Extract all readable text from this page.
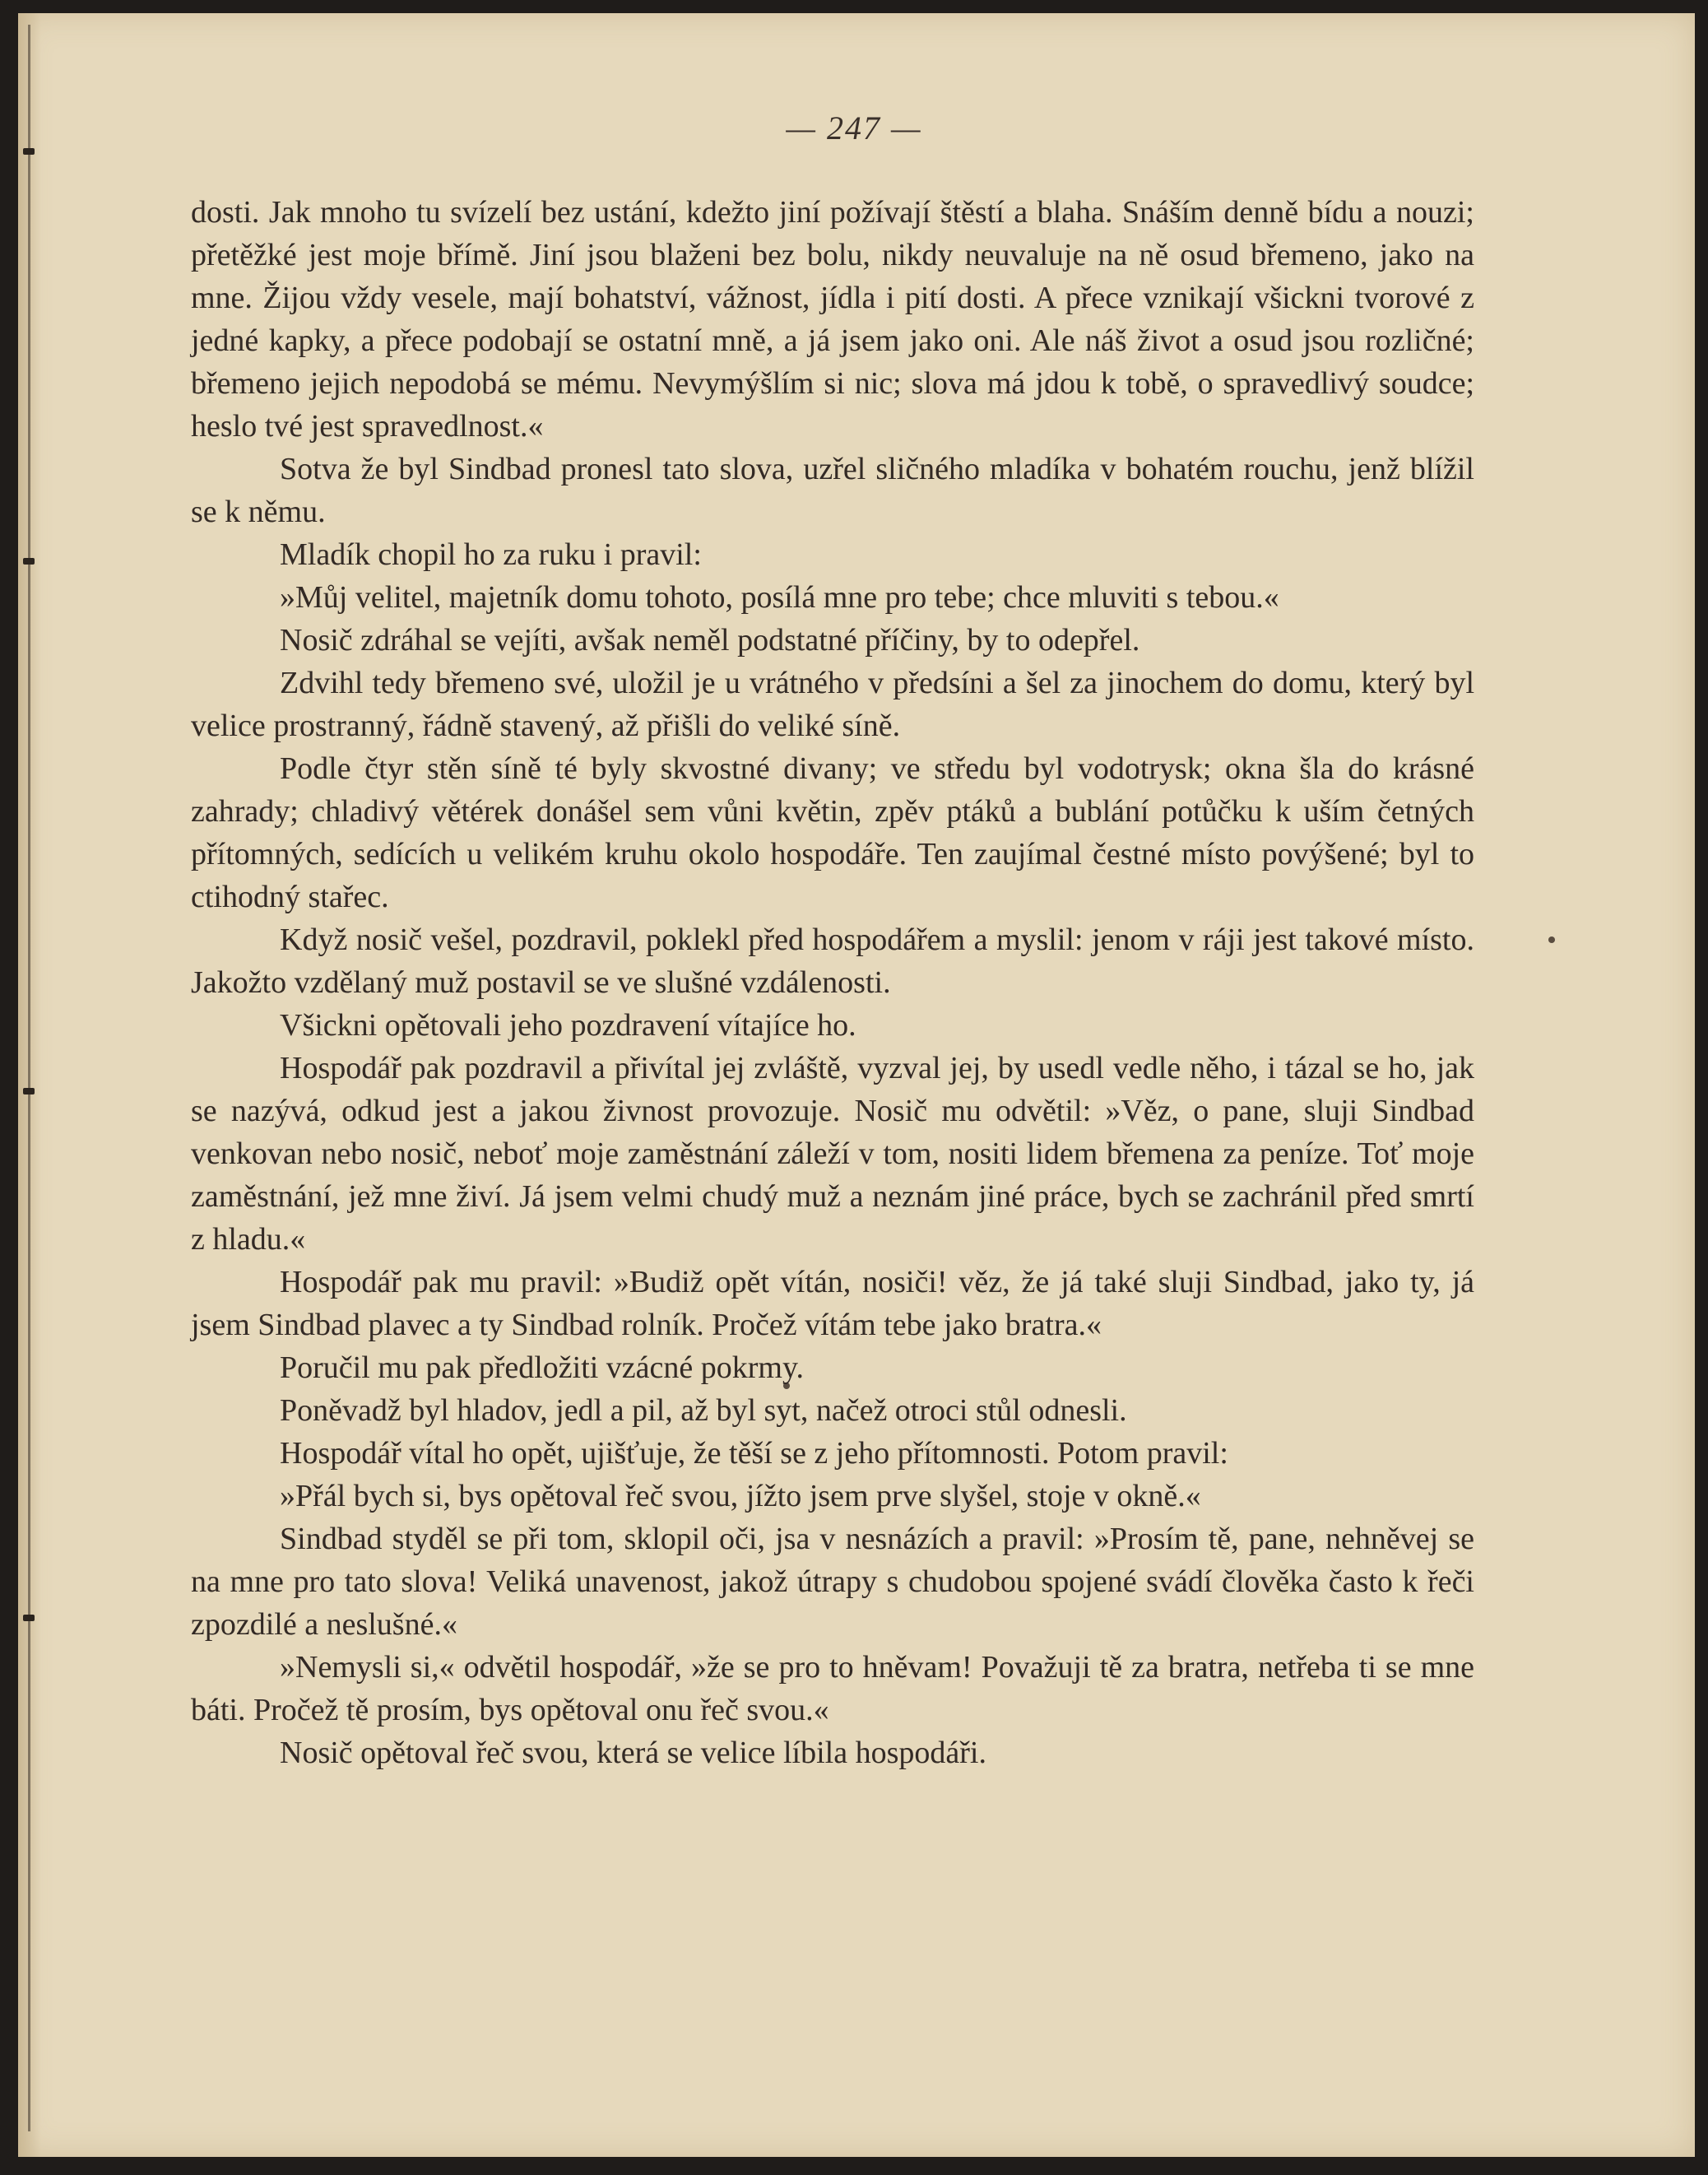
— 247 —

dosti. Jak mnoho tu svízelí bez ustání, kdežto jiní požívají štěstí a blaha. Snáším denně bídu a nouzi; přetěžké jest moje břímě. Jiní jsou blaženi bez bolu, nikdy neuvaluje na ně osud břemeno, jako na mne. Žijou vždy vesele, mají bohatství, vážnost, jídla i pití dosti. A přece vznikají všickni tvorové z jedné kapky, a přece podobají se ostatní mně, a já jsem jako oni. Ale náš život a osud jsou rozličné; břemeno jejich nepodobá se mému. Nevymýšlím si nic; slova má jdou k tobě, o spravedlivý soudce; heslo tvé jest spravedlnost.«

Sotva že byl Sindbad pronesl tato slova, uzřel sličného mladíka v bohatém rouchu, jenž blížil se k němu.

Mladík chopil ho za ruku i pravil:

»Můj velitel, majetník domu tohoto, posílá mne pro tebe; chce mluviti s tebou.«

Nosič zdráhal se vejíti, avšak neměl podstatné příčiny, by to odepřel.

Zdvihl tedy břemeno své, uložil je u vrátného v předsíni a šel za jinochem do domu, který byl velice prostranný, řádně stavený, až přišli do veliké síně.

Podle čtyr stěn síně té byly skvostné divany; ve středu byl vodotrysk; okna šla do krásné zahrady; chladivý větérek donášel sem vůni květin, zpěv ptáků a bublání potůčku k uším četných přítomných, sedících u velikém kruhu okolo hospodáře. Ten zaujímal čestné místo povýšené; byl to ctihodný stařec.

Když nosič vešel, pozdravil, poklekl před hospodářem a myslil: jenom v ráji jest takové místo. Jakožto vzdělaný muž postavil se ve slušné vzdálenosti.

Všickni opětovali jeho pozdravení vítajíce ho.

Hospodář pak pozdravil a přivítal jej zvláště, vyzval jej, by usedl vedle něho, i tázal se ho, jak se nazývá, odkud jest a jakou živnost provozuje. Nosič mu odvětil: »Věz, o pane, sluji Sindbad venkovan nebo nosič, neboť moje zaměstnání záleží v tom, nositi lidem břemena za peníze. Toť moje zaměstnání, jež mne živí. Já jsem velmi chudý muž a neznám jiné práce, bych se zachránil před smrtí z hladu.«

Hospodář pak mu pravil: »Budiž opět vítán, nosiči! věz, že já také sluji Sindbad, jako ty, já jsem Sindbad plavec a ty Sindbad rolník. Pročež vítám tebe jako bratra.«

Poručil mu pak předložiti vzácné pokrmy.

Poněvadž byl hladov, jedl a pil, až byl syt, načež otroci stůl odnesli.

Hospodář vítal ho opět, ujišťuje, že těší se z jeho přítomnosti. Potom pravil:

»Přál bych si, bys opětoval řeč svou, jížto jsem prve slyšel, stoje v okně.«

Sindbad styděl se při tom, sklopil oči, jsa v nesnázích a pravil: »Prosím tě, pane, nehněvej se na mne pro tato slova! Veliká unavenost, jakož útrapy s chudobou spojené svádí člověka často k řeči zpozdilé a neslušné.«

»Nemysli si,« odvětil hospodář, »že se pro to hněvam! Považuji tě za bratra, netřeba ti se mne báti. Pročež tě prosím, bys opětoval onu řeč svou.«

Nosič opětoval řeč svou, která se velice líbila hospodáři.
